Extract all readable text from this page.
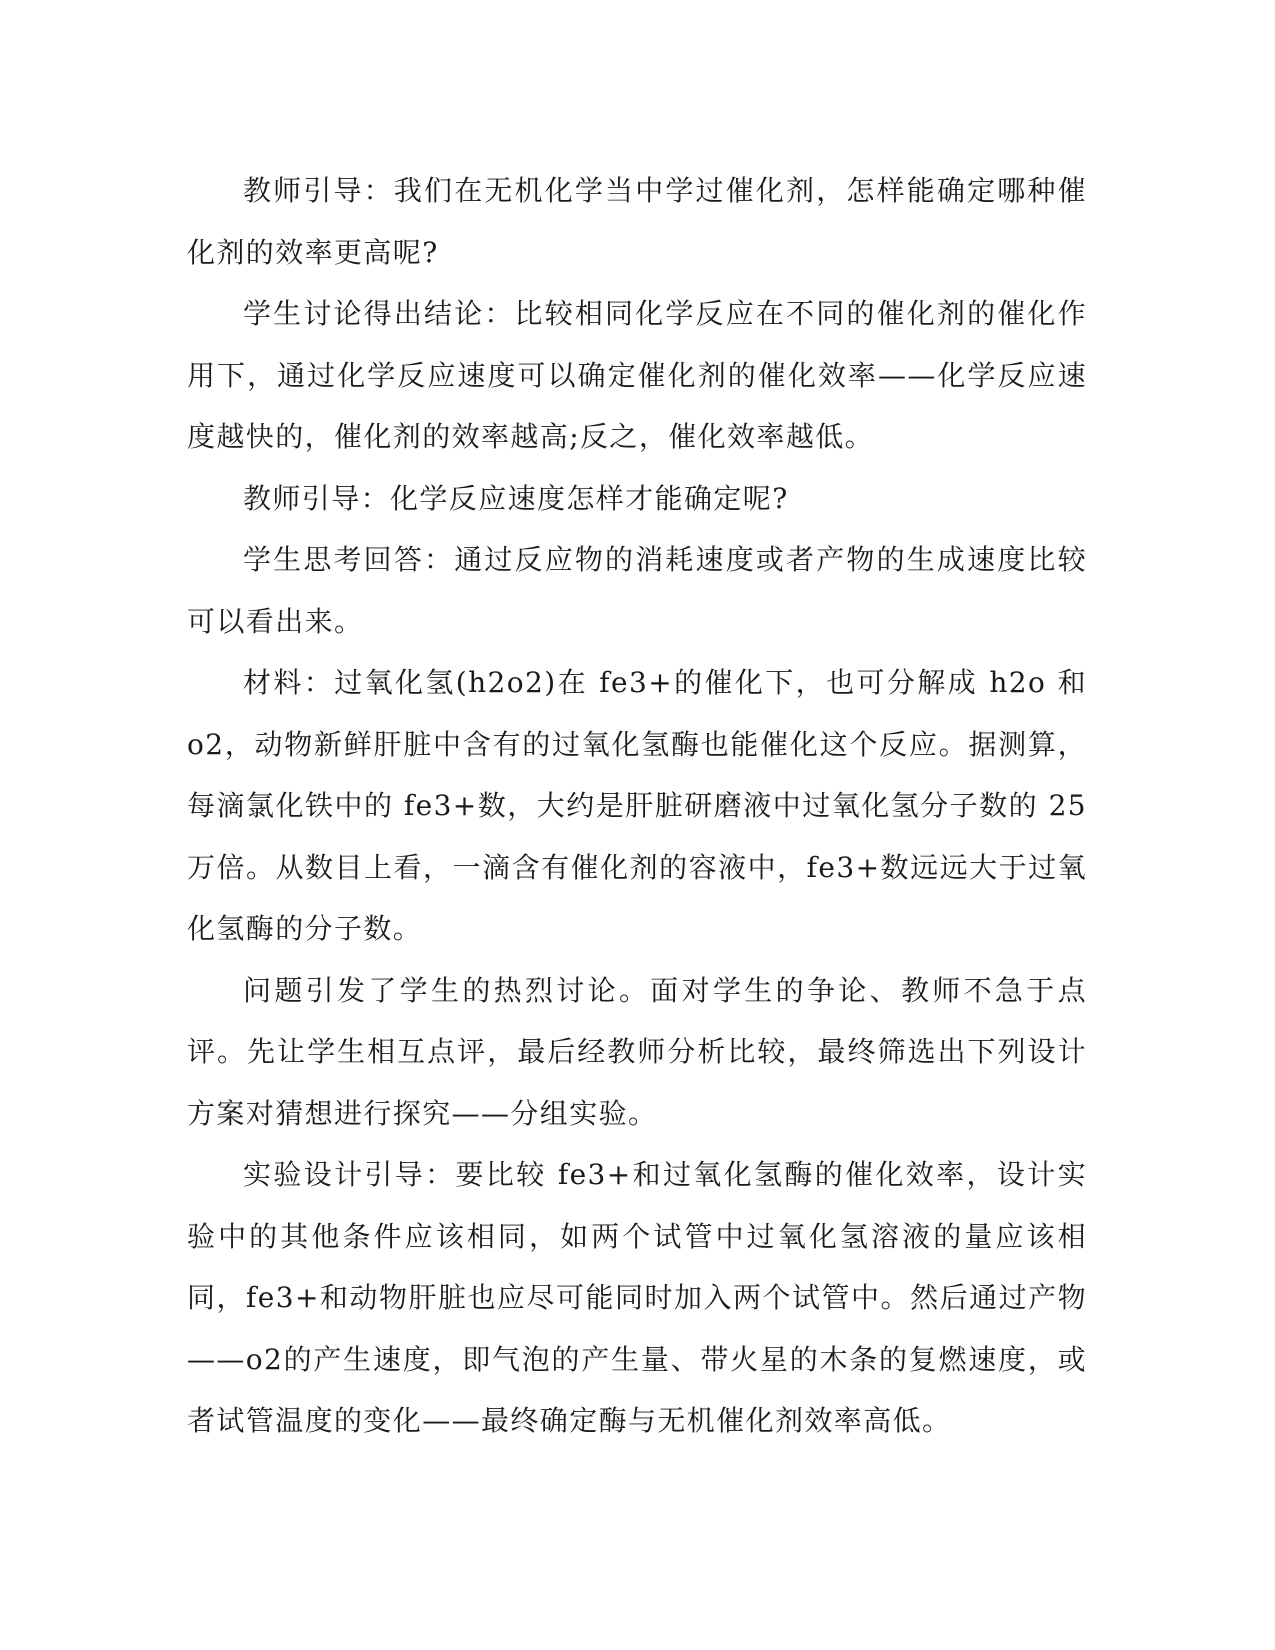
教师引导：我们在无机化学当中学过催化剂，怎样能确定哪种催化剂的效率更高呢?

学生讨论得出结论：比较相同化学反应在不同的催化剂的催化作用下，通过化学反应速度可以确定催化剂的催化效率——化学反应速度越快的，催化剂的效率越高;反之，催化效率越低。

教师引导：化学反应速度怎样才能确定呢?

学生思考回答：通过反应物的消耗速度或者产物的生成速度比较可以看出来。

材料：过氧化氢(h2o2)在 fe3+的催化下，也可分解成 h2o 和 o2，动物新鲜肝脏中含有的过氧化氢酶也能催化这个反应。据测算，每滴氯化铁中的 fe3+数，大约是肝脏研磨液中过氧化氢分子数的 25 万倍。从数目上看，一滴含有催化剂的容液中，fe3+数远远大于过氧化氢酶的分子数。

问题引发了学生的热烈讨论。面对学生的争论、教师不急于点评。先让学生相互点评，最后经教师分析比较，最终筛选出下列设计方案对猜想进行探究——分组实验。

实验设计引导：要比较 fe3+和过氧化氢酶的催化效率，设计实验中的其他条件应该相同，如两个试管中过氧化氢溶液的量应该相同，fe3+和动物肝脏也应尽可能同时加入两个试管中。然后通过产物——o2的产生速度，即气泡的产生量、带火星的木条的复燃速度，或者试管温度的变化——最终确定酶与无机催化剂效率高低。
